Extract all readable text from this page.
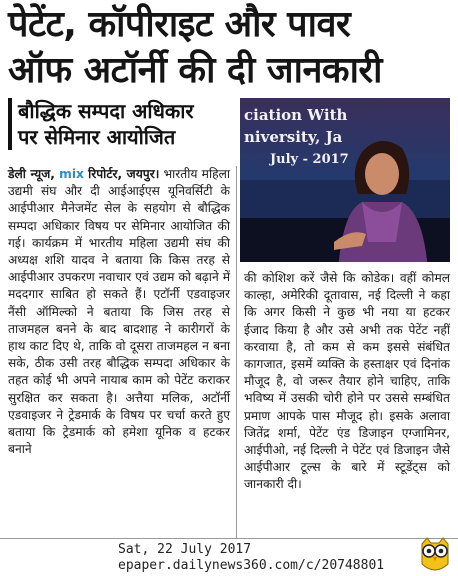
पेटेंट, कॉपीराइट और पावर
ऑफ अटॉर्नी की दी जानकारी
बौद्धिक सम्पदा अधिकार
पर सेमिनार आयोजित
ciation With
niversity, Ja
July - 2017

डेली न्यूज, mix रिपोर्टर, जयपुर। भारतीय महिला उद्यमी संघ और दी आईआईएस यूनिवर्सिटी के आईपीआर मैनेजमेंट सेल के सहयोग से बौद्धिक सम्पदा अधिकार विषय पर सेमिनार आयोजित की गई। कार्यक्रम में भारतीय महिला उद्यमी संघ की अध्यक्ष शशि यादव ने बताया कि किस तरह से आईपीआर उपकरण नवाचार एवं उद्यम को बढ़ाने में मददगार साबित हो सकते हैं। एटॉर्नी एडवाइजर नैंसी ऑमिल्को ने बताया कि जिस तरह से ताजमहल बनने के बाद बादशाह ने कारीगरों के हाथ काट दिए थे, ताकि वो दूसरा ताजमहल न बना सके, ठीक उसी तरह बौद्धिक सम्पदा अधिकार के तहत कोई भी अपने नायाब काम को पेटेंट कराकर सुरक्षित कर सकता है। अत्तैया मलिक, अटॉर्नी एडवाइजर ने ट्रेडमार्क के विषय पर चर्चा करते हुए बताया कि ट्रेडमार्क को हमेशा यूनिक व हटकर बनाने

की कोशिश करें जैसे कि कोडेक। वहीं कोमल काल्हा, अमेरिकी दूतावास, नई दिल्ली ने कहा कि अगर किसी ने कुछ भी नया या हटकर ईजाद किया है और उसे अभी तक पेटेंट नहीं करवाया है, तो कम से कम इससे संबंधित कागजात, इसमें व्यक्ति के हस्ताक्षर एवं दिनांक मौजूद है, वो जरूर तैयार होने चाहिए, ताकि भविष्य में उसकी चोरी होने पर उससे सम्बंधित प्रमाण आपके पास मौजूद हो। इसके अलावा जितेंद्र शर्मा, पेटेंट एंड डिजाइन एग्जामिनर, आईपीओ, नई दिल्ली ने पेटेंट एवं डिजाइन जैसे आईपीआर टूल्स के बारे में स्टूडेंट्स को जानकारी दी।

Sat, 22 July 2017
epaper.dailynews360.com/c/20748801
